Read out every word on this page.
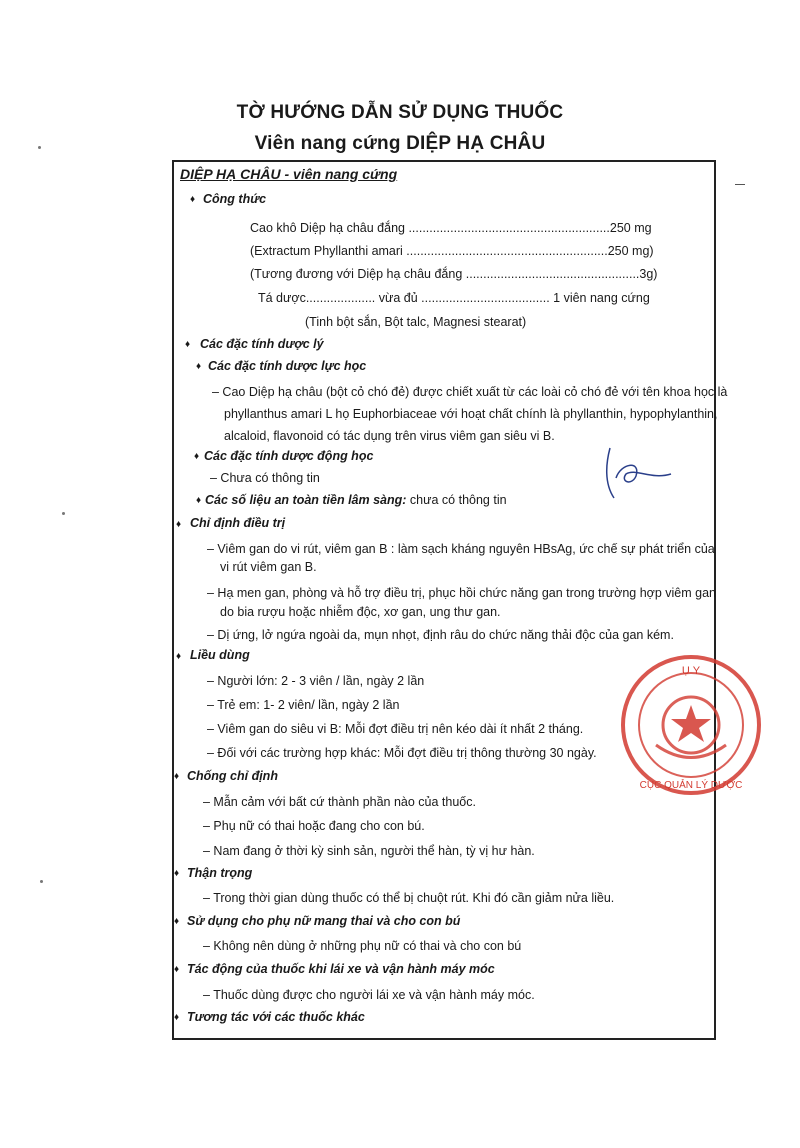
TỜ HƯỚNG DẪN SỬ DỤNG THUỐC
Viên nang cứng DIỆP HẠ CHÂU
DIỆP HẠ CHÂU - viên nang cứng
♦ Công thức
Cao khô Diệp hạ châu đắng ..........................................................250 mg
(Extractum Phyllanthi amari ..........................................................250 mg)
(Tương đương với Diệp hạ châu đắng ..................................................3g)
Tá dược.................... vừa đủ ..................................... 1 viên nang cứng
(Tinh bột sắn, Bột talc, Magnesi stearat)
♦ Các đặc tính dược lý
♦ Các đặc tính dược lực học
– Cao Diệp hạ châu (bột cỏ chó đẻ) được chiết xuất từ các loài cỏ chó đẻ với tên khoa học là
phyllanthus amari L họ Euphorbiaceae với hoạt chất chính là phyllanthin, hypophylanthin,
alcaloid, flavonoid có tác dụng trên virus viêm gan siêu vi B.
♦ Các đặc tính dược động học
– Chưa có thông tin
♦ Các số liệu an toàn tiền lâm sàng: chưa có thông tin
♦ Chỉ định điều trị
– Viêm gan do vi rút, viêm gan B : làm sạch kháng nguyên HBsAg, ức chế sự phát triển của
vi rút viêm gan B.
– Hạ men gan, phòng và hỗ trợ điều trị, phục hồi chức năng gan trong trường hợp viêm gan
do bia rượu hoặc nhiễm độc, xơ gan, ung thư gan.
– Dị ứng, lở ngứa ngoài da, mụn nhọt, định râu do chức năng thải độc của gan kém.
♦ Liều dùng
– Người lớn: 2 - 3 viên / lần, ngày 2 lần
– Trẻ em: 1- 2 viên/ lần, ngày 2 lần
– Viêm gan do siêu vi B: Mỗi đợt điều trị nên kéo dài ít nhất 2 tháng.
– Đối với các trường hợp khác: Mỗi đợt điều trị thông thường 30 ngày.
♦ Chống chỉ định
– Mẫn cảm với bất cứ thành phần nào của thuốc.
– Phụ nữ có thai hoặc đang cho con bú.
– Nam đang ở thời kỳ sinh sản, người thể hàn, tỳ vị hư hàn.
♦ Thận trọng
– Trong thời gian dùng thuốc có thể bị chuột rút. Khi đó cần giảm nửa liều.
♦ Sử dụng cho phụ nữ mang thai và cho con bú
– Không nên dùng ở những phụ nữ có thai và cho con bú
♦ Tác động của thuốc khi lái xe và vận hành máy móc
– Thuốc dùng được cho người lái xe và vận hành máy móc.
♦ Tương tác với các thuốc khác
Ụ Y
CỤC QUẢN LÝ DƯỢC
